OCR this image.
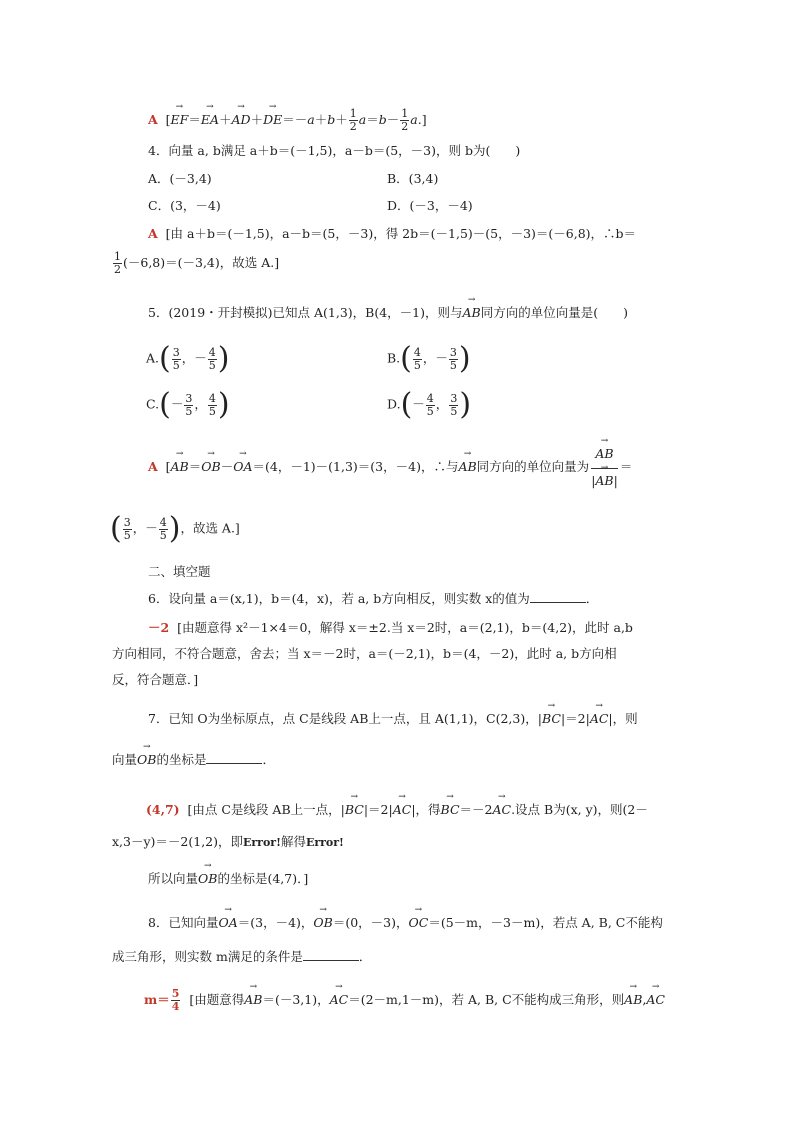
A  [→ $EF=\to EA+\to AD+\to DE=-a+b+ \frac{1}{2} a=b- \frac{1}{2} a$.]
4．向量 a, b满足 a＋b＝(－1,5)，a－b＝(5，－3)，则 b为(　　)
A．(－3,4)	B．(3,4)
C．(3，－4)	D．(－3，－4)
A [由 a＋b＝(－1,5)，a－b＝(5，－3)，得 2b＝(－1,5)－(5，－3)＝(－6,8)，∴b＝
$\frac{1}{2} (-6,8)=(-3,4)$，故选 A.]
5．(2019・开封模拟)已知点 A(1,3)，B(4，－1)，则与→ AB同方向的单位向量是(　　)
$A.( \frac{3}{5}$ ，－ $\frac{4}{5}$ )	$B.( \frac{4}{5}$ ，－ $\frac{3}{5}$ )
$C.(- \frac{3}{5}$ ， $\frac{4}{5}$ )	$D.(- \frac{4}{5}$ ， $\frac{3}{5}$ )
A  [→ AB＝→ OB－→ OA＝(4，－1)－(1,3)＝(3，－4)，∴与→ AB同方向的单位向量为
→ $\frac{AB}{|\to AB|}$ ＝
( $\frac{3}{5}$ ，－ $\frac{4}{5}$ )，故选 A.]
二、填空题
6．设向量 a＝(x,1)，b＝(4，x)，若 a, b方向相反，则实数 x的值为	．
－2 [由题意得 x²－1×4＝0，解得 x＝±2.当 x＝2时，a＝(2,1)，b＝(4,2)，此时 a,b
方向相同，不符合题意，舍去；当 x＝－2时，a＝(－2,1)，b＝(4，－2)，此时 a, b方向相
反，符合题意．]
7．已知 O为坐标原点，点 C是线段 AB上一点，且 A(1,1)，C(2,3)，|→ BC|＝2|→ AC|，则
向量→ OB的坐标是	．
(4,7) [由点 C是线段 AB上一点，|→ BC|＝2|→ AC|，得→ BC＝－2→ AC.设点 B为(x, y)，则(2－
x,3－y)＝－2(1,2)，即Error!解得Error!
所以向量→ OB的坐标是(4,7)．]
8．已知向量→ OA＝(3，－4)，→ OB＝(0，－3)，→ OC＝(5－m，－3－m)，若点 A, B, C不能构
成三角形，则实数 m满足的条件是	．
$m= \frac{5}{4}$ [由题意得→ AB＝(－3,1)，→ AC＝(2－m,1－m)，若 A, B, C不能构成三角形，则→ AB,→ AC
